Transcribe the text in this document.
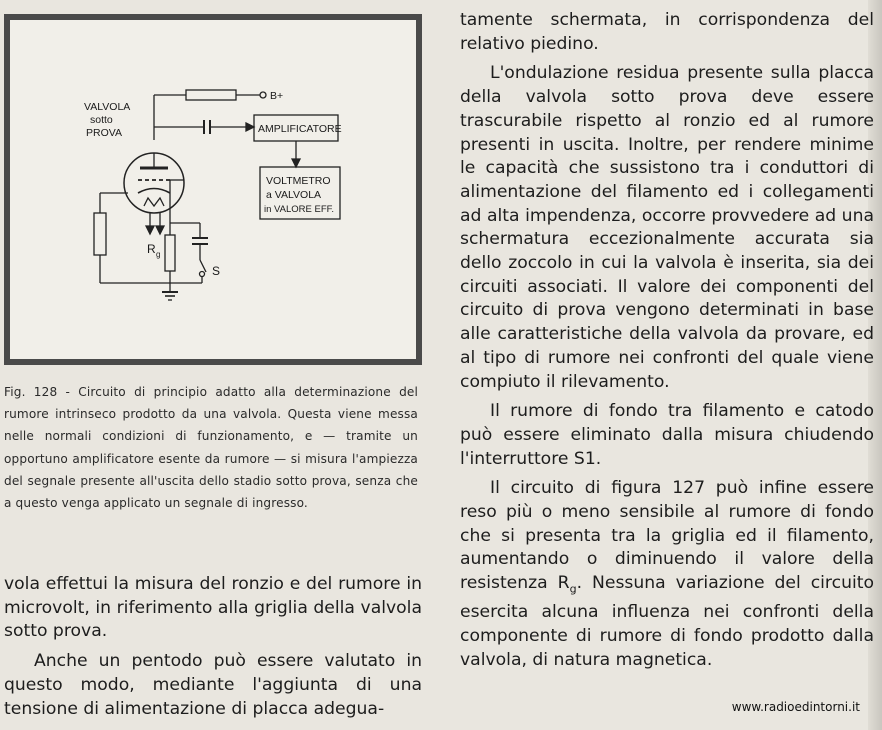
VALVOLA
sotto
PROVA
B+
AMPLIFICATORE
VOLTMETRO
a VALVOLA
in VALORE EFF.
R g
S

Fig. 128 - Circuito di principio adatto alla determinazione del rumore intrinseco prodotto da una valvola. Questa viene messa nelle normali condizioni di funzionamento, e — tramite un opportuno amplificatore esente da rumore — si misura l'ampiezza del segnale presente all'uscita dello stadio sotto prova, senza che a questo venga applicato un segnale di ingresso.

vola effettui la misura del ronzio e del rumore in microvolt, in riferimento alla griglia della valvola sotto prova.

Anche un pentodo può essere valutato in questo modo, mediante l'aggiunta di una tensione di alimentazione di placca adegua-

tamente schermata, in corrispondenza del relativo piedino.

L'ondulazione residua presente sulla placca della valvola sotto prova deve essere trascurabile rispetto al ronzio ed al rumore presenti in uscita. Inoltre, per rendere minime le capacità che sussistono tra i conduttori di alimentazione del filamento ed i collegamenti ad alta impendenza, occorre provvedere ad una schermatura eccezionalmente accurata sia dello zoccolo in cui la valvola è inserita, sia dei circuiti associati. Il valore dei componenti del circuito di prova vengono determinati in base alle caratteristiche della valvola da provare, ed al tipo di rumore nei confronti del quale viene compiuto il rilevamento.

Il rumore di fondo tra filamento e catodo può essere eliminato dalla misura chiudendo l'interruttore S1.

Il circuito di figura 127 può infine essere reso più o meno sensibile al rumore di fondo che si presenta tra la griglia ed il filamento, aumentando o diminuendo il valore della resistenza $R_g$. Nessuna variazione del circuito esercita alcuna influenza nei confronti della componente di rumore di fondo prodotto dalla valvola, di natura magnetica.

www.radioedintorni.it
